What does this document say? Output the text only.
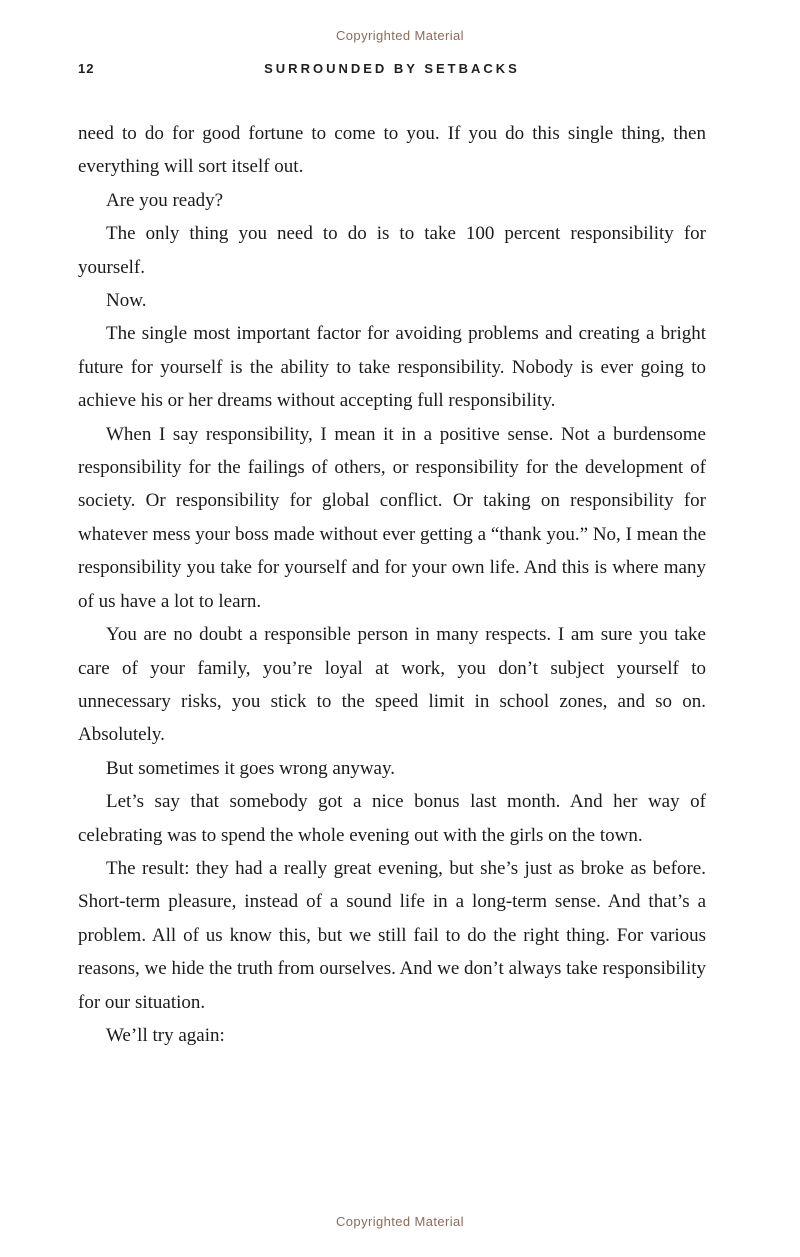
Copyrighted Material
12	SURROUNDED BY SETBACKS

need to do for good fortune to come to you. If you do this single thing, then everything will sort itself out.

Are you ready?

The only thing you need to do is to take 100 percent responsibility for yourself.

Now.

The single most important factor for avoiding problems and creating a bright future for yourself is the ability to take responsibility. Nobody is ever going to achieve his or her dreams without accepting full responsibility.

When I say responsibility, I mean it in a positive sense. Not a burdensome responsibility for the failings of others, or responsibility for the development of society. Or responsibility for global conflict. Or taking on responsibility for whatever mess your boss made without ever getting a “thank you.” No, I mean the responsibility you take for yourself and for your own life. And this is where many of us have a lot to learn.

You are no doubt a responsible person in many respects. I am sure you take care of your family, you’re loyal at work, you don’t subject yourself to unnecessary risks, you stick to the speed limit in school zones, and so on. Absolutely.

But sometimes it goes wrong anyway.

Let’s say that somebody got a nice bonus last month. And her way of celebrating was to spend the whole evening out with the girls on the town.

The result: they had a really great evening, but she’s just as broke as before. Short-term pleasure, instead of a sound life in a long-term sense. And that’s a problem. All of us know this, but we still fail to do the right thing. For various reasons, we hide the truth from ourselves. And we don’t always take responsibility for our situation.

We’ll try again:

Copyrighted Material
